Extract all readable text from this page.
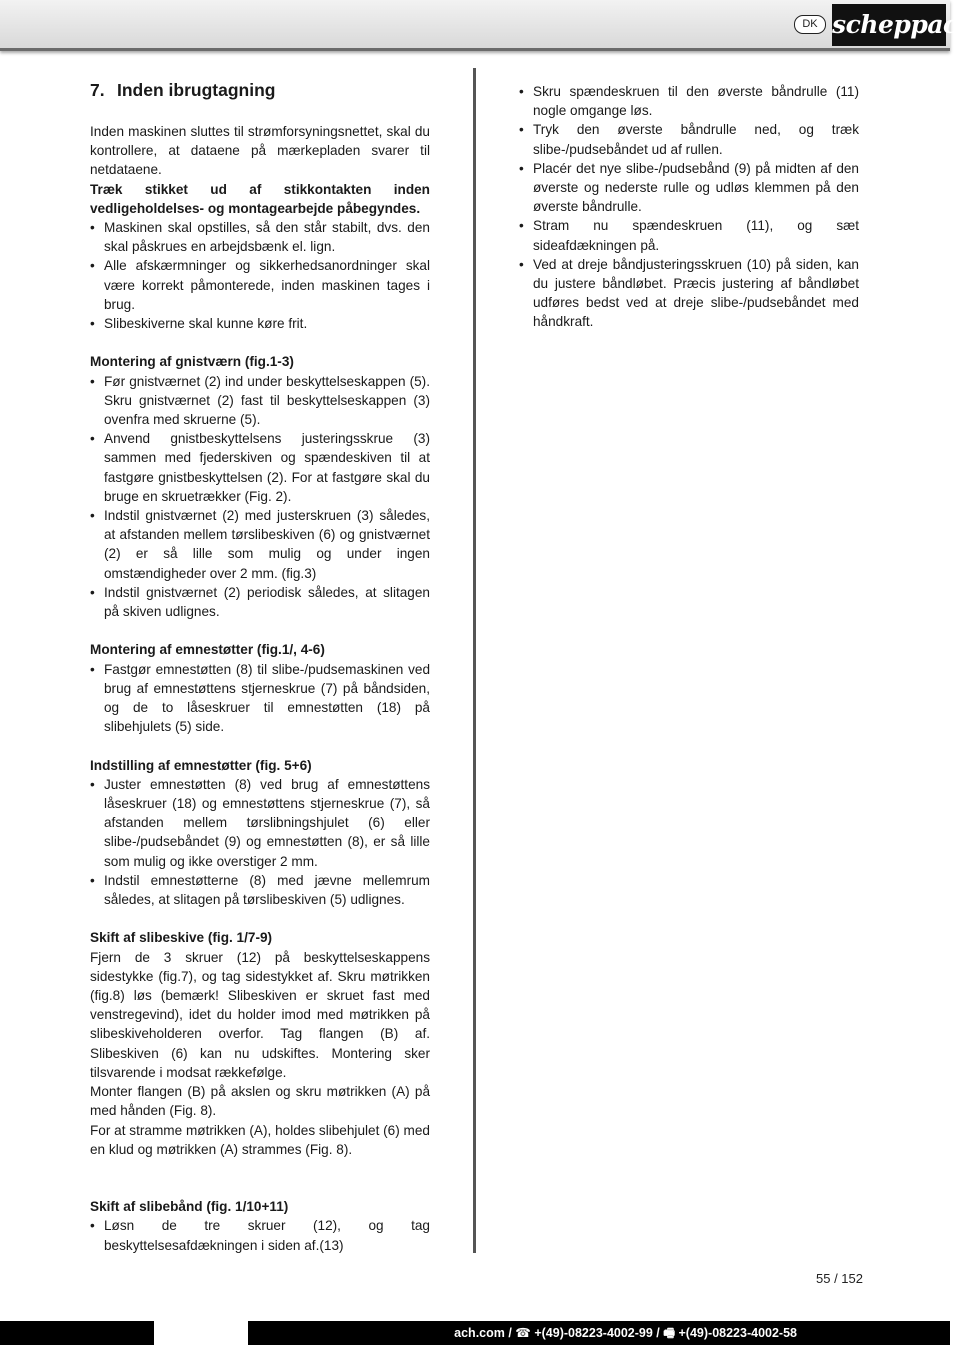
DK scheppach
7. Inden ibrugtagning

Inden maskinen sluttes til strømforsyningsnettet, skal du kontrollere, at dataene på mærkepladen svarer til netdataene.

Træk stikket ud af stikkontakten inden vedligeholdelses- og montagearbejde påbegyndes.

• Maskinen skal opstilles, så den står stabilt, dvs. den skal påskrues en arbejdsbænk el. lign.
• Alle afskærmninger og sikkerhedsanordninger skal være korrekt påmonterede, inden maskinen tages i brug.
• Slibeskiverne skal kunne køre frit.

Montering af gnistværn (fig.1-3)

• Før gnistværnet (2) ind under beskyttelseskappen (5). Skru gnistværnet (2) fast til beskyttelseskappen (3) ovenfra med skruerne (5).
• Anvend gnistbeskyttelsens justeringsskrue (3) sammen med fjederskiven og spændeskiven til at fastgøre gnistbeskyttelsen (2). For at fastgøre skal du bruge en skruetrækker (Fig. 2).
• Indstil gnistværnet (2) med justerskruen (3) således, at afstanden mellem tørslibeskiven (6) og gnistværnet (2) er så lille som mulig og under ingen omstændigheder over 2 mm. (fig.3)
• Indstil gnistværnet (2) periodisk således, at slitagen på skiven udlignes.

Montering af emnestøtter (fig.1/, 4-6)

• Fastgør emnestøtten (8) til slibe-/pudsemaskinen ved brug af emnestøttens stjerneskrue (7) på båndsiden, og de to låseskruer til emnestøtten (18) på slibehjulets (5) side.

Indstilling af emnestøtter (fig. 5+6)

• Juster emnestøtten (8) ved brug af emnestøttens låseskruer (18) og emnestøttens stjerneskrue (7), så afstanden mellem tørslibningshjulet (6) eller slibe-/pudsebåndet (9) og emnestøtten (8), er så lille som mulig og ikke overstiger 2 mm.
• Indstil emnestøtterne (8) med jævne mellemrum således, at slitagen på tørslibeskiven (5) udlignes.

Skift af slibeskive (fig. 1/7-9)

Fjern de 3 skruer (12) på beskyttelseskappens sidestykke (fig.7), og tag sidestykket af. Skru møtrikken (fig.8) løs (bemærk! Slibeskiven er skruet fast med venstregevind), idet du holder imod med møtrikken på slibeskiveholderen overfor. Tag flangen (B) af. Slibeskiven (6) kan nu udskiftes. Montering sker tilsvarende i modsat rækkefølge.

Monter flangen (B) på akslen og skru møtrikken (A) på med hånden (Fig. 8).

For at stramme møtrikken (A), holdes slibehjulet (6) med en klud og møtrikken (A) strammes (Fig. 8).

Skift af slibebånd (fig. 1/10+11)

• Løsn de tre skruer (12), og tag beskyttelsesafdækningen i siden af.(13)
• Skru spændeskruen til den øverste båndrulle (11) nogle omgange løs.
• Tryk den øverste båndrulle ned, og træk slibe-/pudsebåndet ud af rullen.
• Placér det nye slibe-/pudsebånd (9) på midten af den øverste og nederste rulle og udløs klemmen på den øverste båndrulle.
• Stram nu spændeskruen (11), og sæt sideafdækningen på.
• Ved at dreje båndjusteringsskruen (10) på siden, kan du justere båndløbet. Præcis justering af båndløbet udføres bedst ved at dreje slibe-/pudsebåndet med håndkraft.
55 / 152
ach.com / ☎ +(49)-08223-4002-99 / 🖷 +(49)-08223-4002-58
